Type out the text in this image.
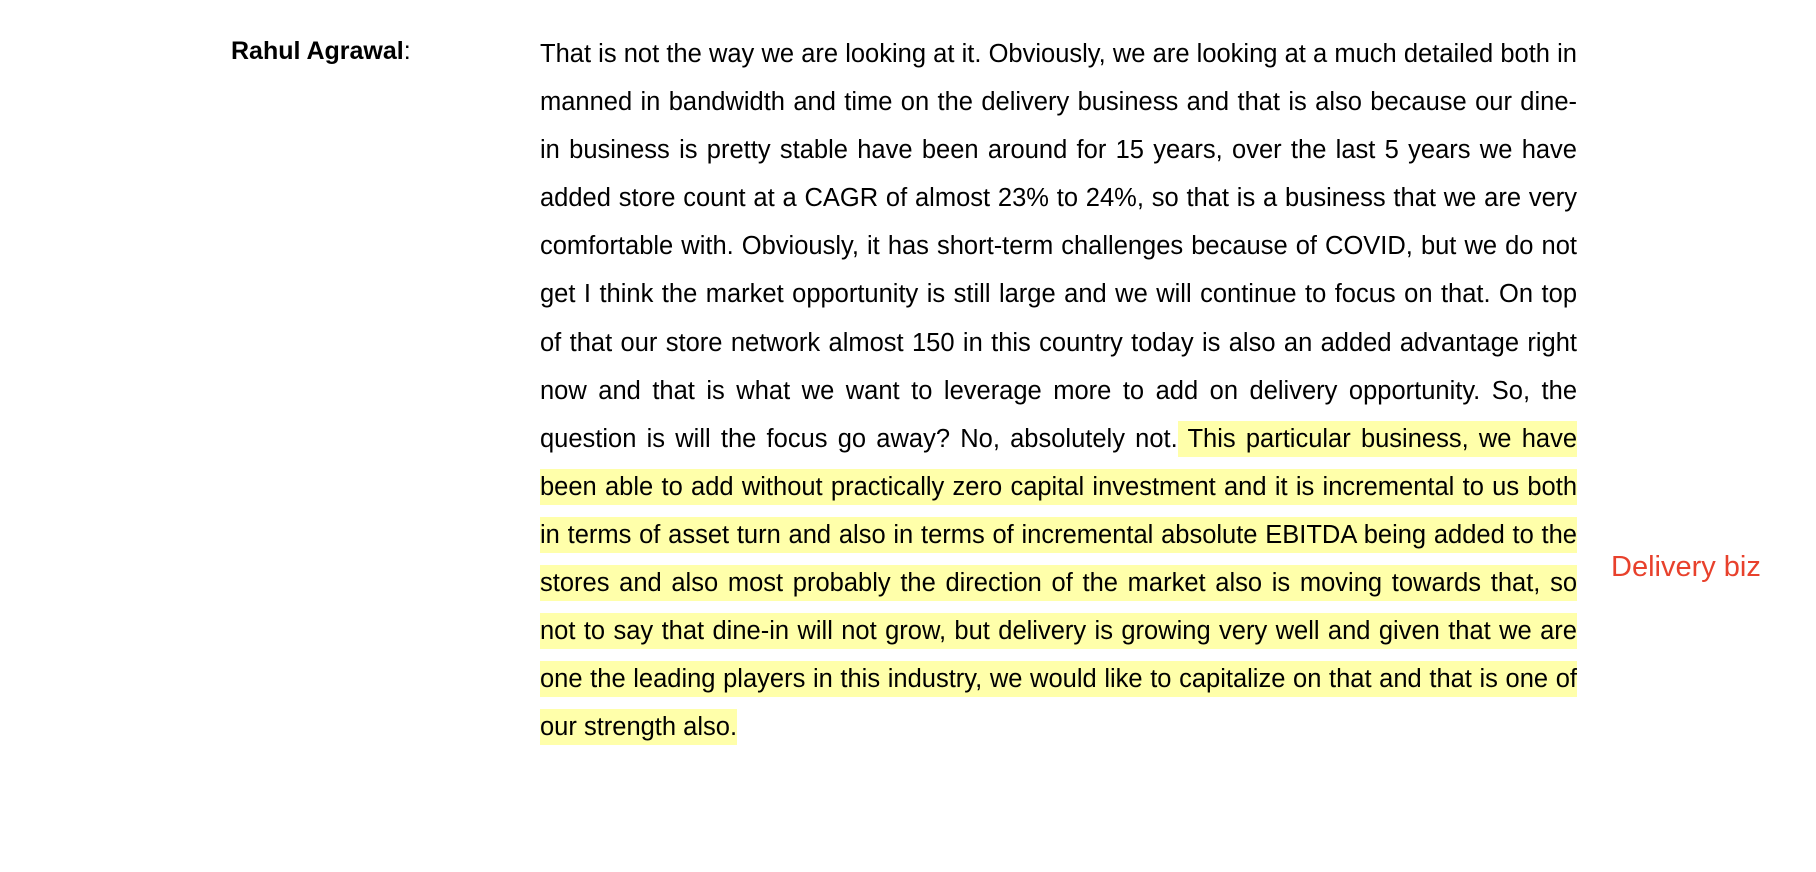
Rahul Agrawal:	That is not the way we are looking at it. Obviously, we are looking at a much detailed both in manned in bandwidth and time on the delivery business and that is also because our dine-in business is pretty stable have been around for 15 years, over the last 5 years we have added store count at a CAGR of almost 23% to 24%, so that is a business that we are very comfortable with. Obviously, it has short-term challenges because of COVID, but we do not get I think the market opportunity is still large and we will continue to focus on that. On top of that our store network almost 150 in this country today is also an added advantage right now and that is what we want to leverage more to add on delivery opportunity. So, the question is will the focus go away? No, absolutely not. This particular business, we have been able to add without practically zero capital investment and it is incremental to us both in terms of asset turn and also in terms of incremental absolute EBITDA being added to the stores and also most probably the direction of the market also is moving towards that, so not to say that dine-in will not grow, but delivery is growing very well and given that we are one the leading players in this industry, we would like to capitalize on that and that is one of our strength also.

Delivery biz
